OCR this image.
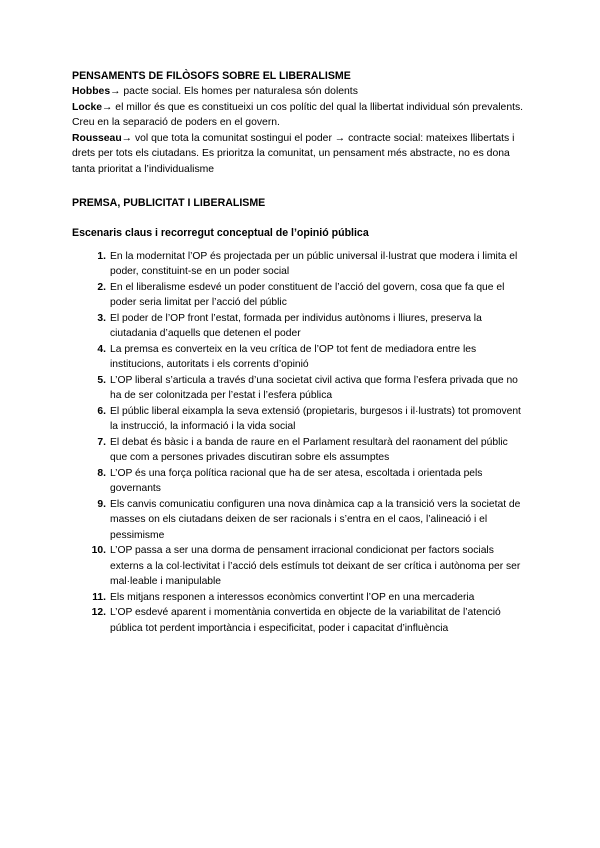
PENSAMENTS DE FILÒSOFS SOBRE EL LIBERALISME

Hobbes→ pacte social. Els homes per naturalesa són dolents

Locke→ el millor és que es constitueixi un cos polític del qual la llibertat individual són prevalents. Creu en la separació de poders en el govern.

Rousseau→ vol que tota la comunitat sostingui el poder → contracte social: mateixes llibertats i drets per tots els ciutadans. Es prioritza la comunitat, un pensament més abstracte, no es dona tanta prioritat a l’individualisme

PREMSA, PUBLICITAT I LIBERALISME
Escenaris claus i recorregut conceptual de l’opinió pública
1. En la modernitat l’OP és projectada per un públic universal il·lustrat que modera i limita el poder, constituint-se en un poder social
2. En el liberalisme esdevé un poder constituent de l’acció del govern, cosa que fa que el poder seria limitat per l’acció del públic
3. El poder de l’OP front l’estat, formada per individus autònoms i lliures, preserva la ciutadania d’aquells que detenen el poder
4. La premsa es converteix en la veu crítica de l’OP tot fent de mediadora entre les institucions, autoritats i els corrents d’opinió
5. L’OP liberal s’articula a través d’una societat civil activa que forma l’esfera privada que no ha de ser colonitzada per l’estat i l’esfera pública
6. El públic liberal eixampla la seva extensió (propietaris, burgesos i il·lustrats) tot promovent la instrucció, la informació i la vida social
7. El debat és bàsic i a banda de raure en el Parlament resultarà del raonament del públic que com a persones privades discutiran sobre els assumptes
8. L’OP és una força política racional que ha de ser atesa, escoltada i orientada pels governants
9. Els canvis comunicatiu configuren una nova dinàmica cap a la transició vers la societat de masses on els ciutadans deixen de ser racionals i s’entra en el caos, l’alineació i el pessimisme
10. L’OP passa a ser una dorma de pensament irracional condicionat per factors socials externs a la col·lectivitat i l’acció dels estímuls tot deixant de ser crítica i autònoma per ser mal·leable i manipulable
11. Els mitjans responen a interessos econòmics convertint l’OP en una mercaderia
12. L’OP esdevé aparent i momentània convertida en objecte de la variabilitat de l’atenció pública tot perdent importància i especificitat, poder i capacitat d’influència
